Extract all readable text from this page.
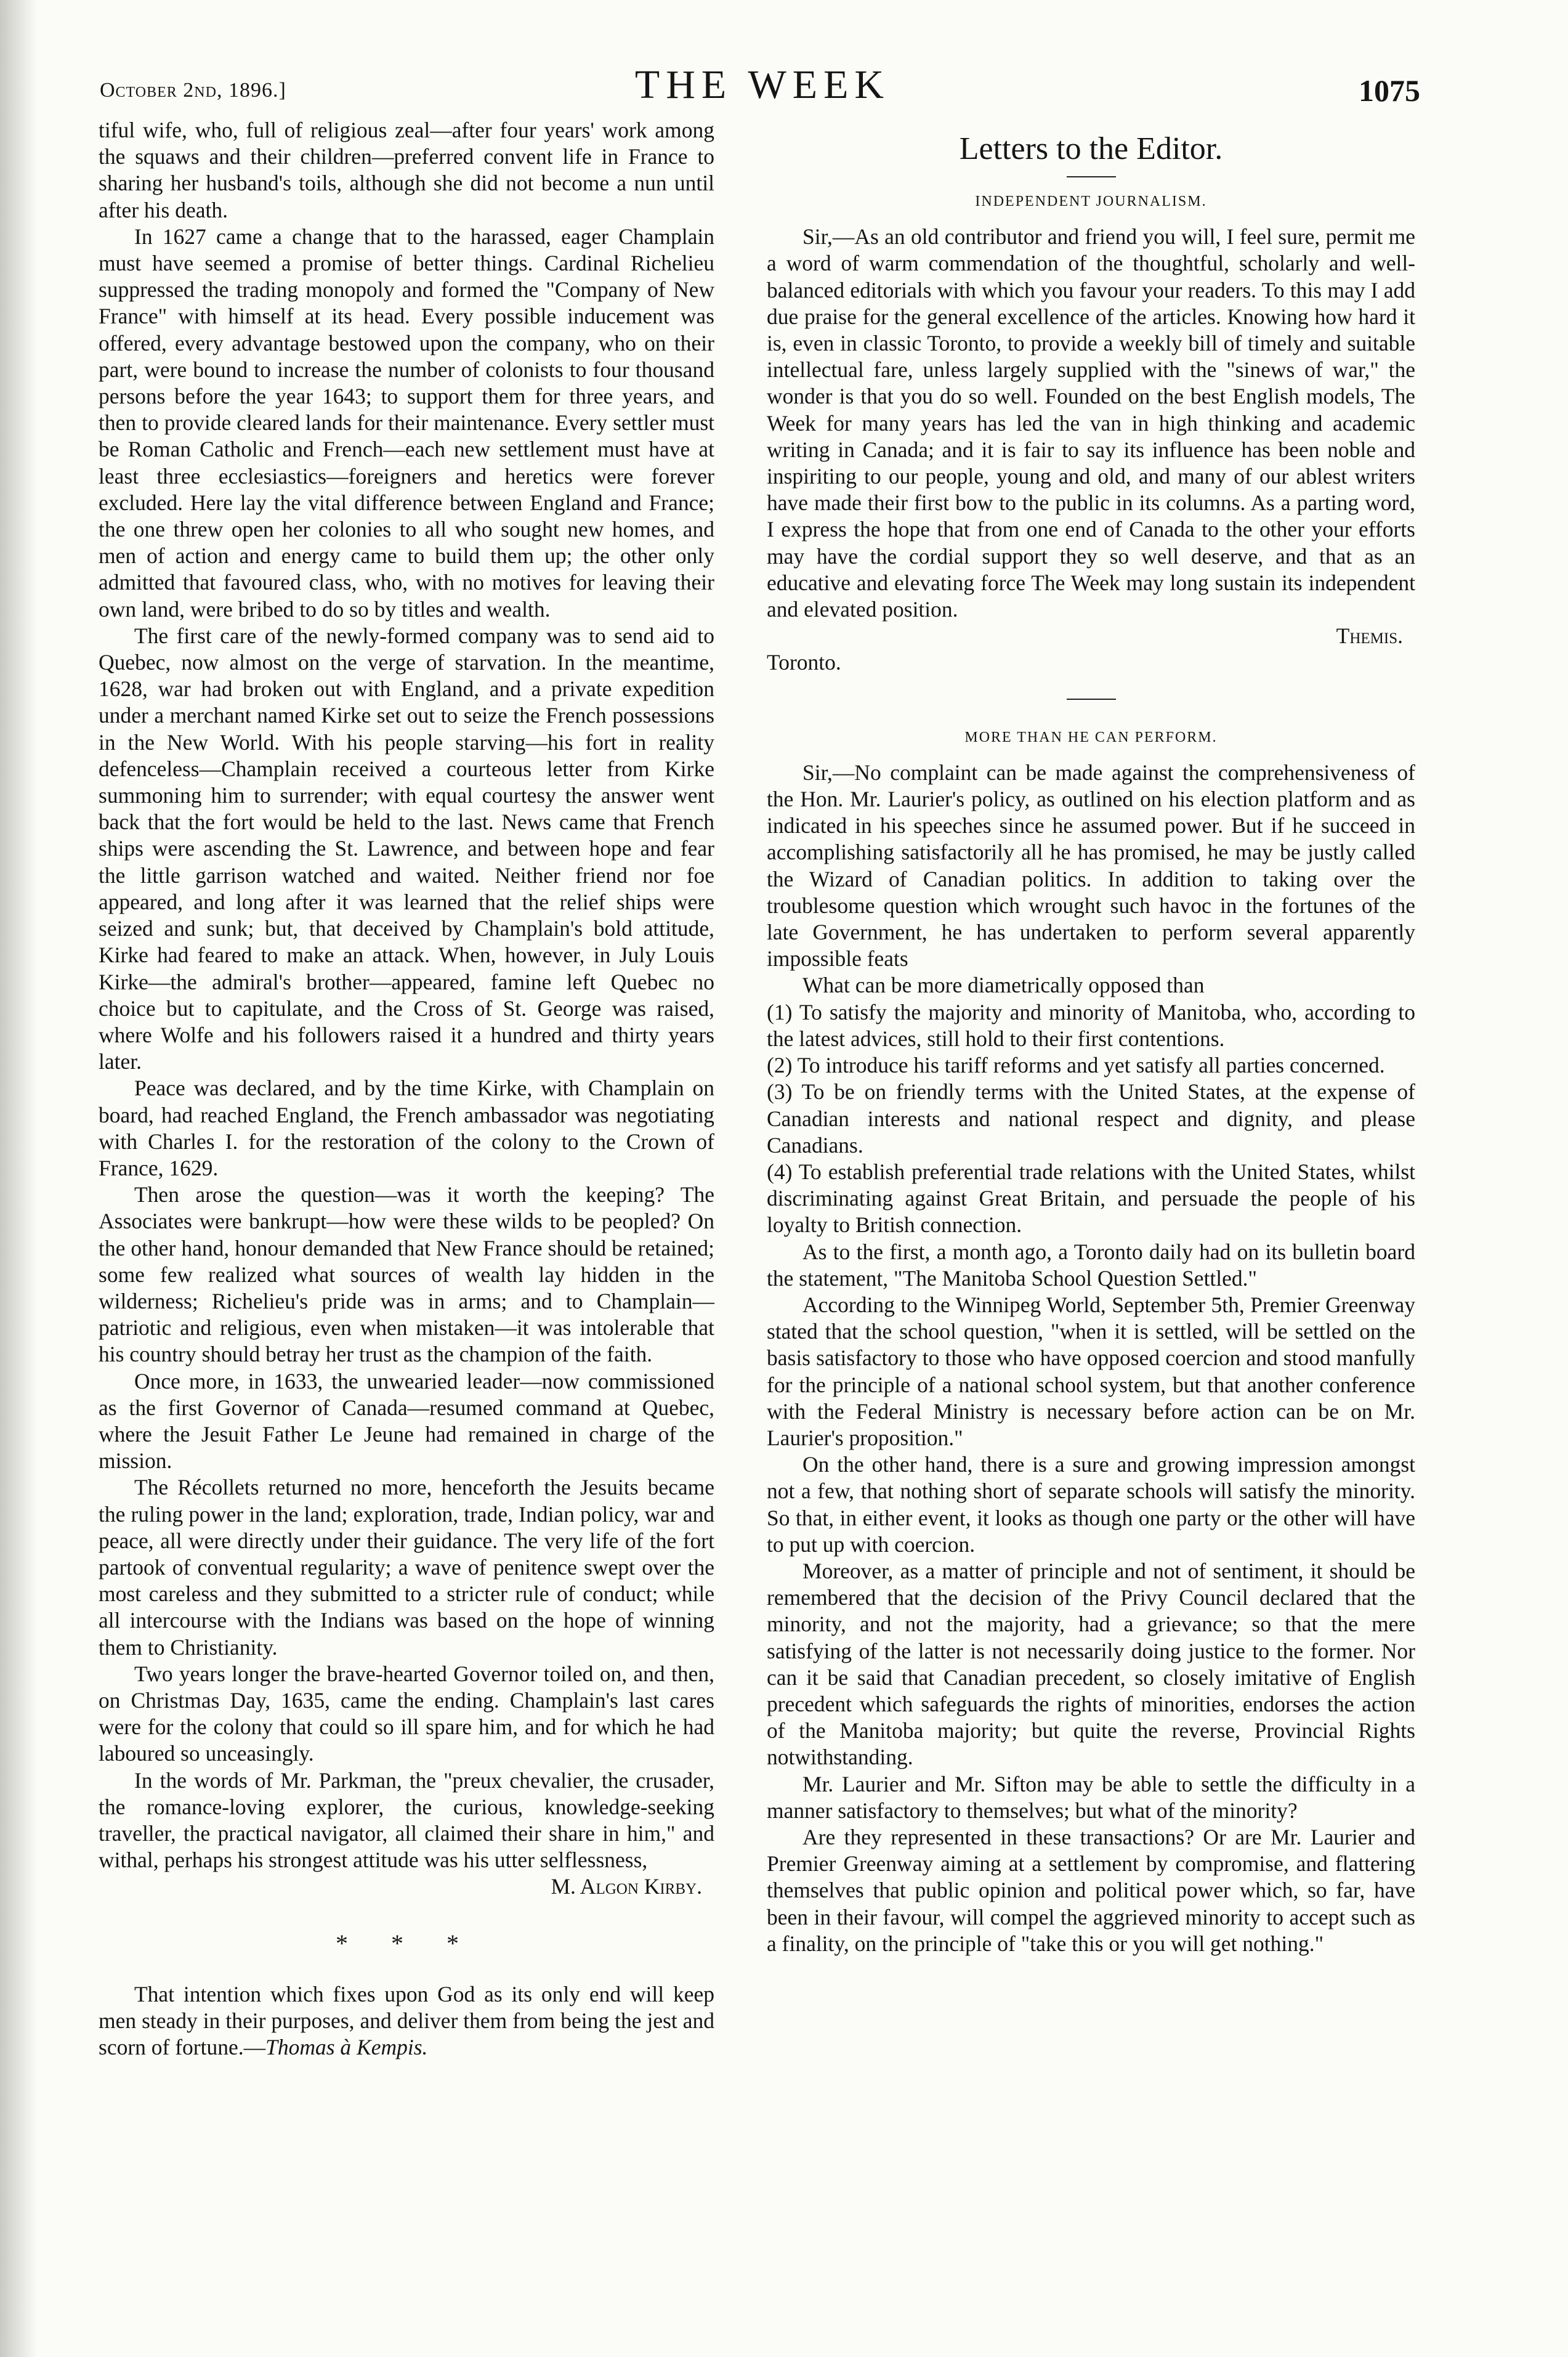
October 2nd, 1896.]	THE WEEK	1075

tiful wife, who, full of religious zeal—after four years' work among the squaws and their children—preferred convent life in France to sharing her husband's toils, although she did not become a nun until after his death.

In 1627 came a change that to the harassed, eager Champlain must have seemed a promise of better things. Cardinal Richelieu suppressed the trading monopoly and formed the "Company of New France" with himself at its head. Every possible inducement was offered, every advantage bestowed upon the company, who on their part, were bound to increase the number of colonists to four thousand persons before the year 1643; to support them for three years, and then to provide cleared lands for their maintenance. Every settler must be Roman Catholic and French—each new settlement must have at least three ecclesiastics—foreigners and heretics were forever excluded. Here lay the vital difference between England and France; the one threw open her colonies to all who sought new homes, and men of action and energy came to build them up; the other only admitted that favoured class, who, with no motives for leaving their own land, were bribed to do so by titles and wealth.

The first care of the newly-formed company was to send aid to Quebec, now almost on the verge of starvation. In the meantime, 1628, war had broken out with England, and a private expedition under a merchant named Kirke set out to seize the French possessions in the New World. With his people starving—his fort in reality defenceless—Champlain received a courteous letter from Kirke summoning him to surrender; with equal courtesy the answer went back that the fort would be held to the last. News came that French ships were ascending the St. Lawrence, and between hope and fear the little garrison watched and waited. Neither friend nor foe appeared, and long after it was learned that the relief ships were seized and sunk; but, that deceived by Champlain's bold attitude, Kirke had feared to make an attack. When, however, in July Louis Kirke—the admiral's brother—appeared, famine left Quebec no choice but to capitulate, and the Cross of St. George was raised, where Wolfe and his followers raised it a hundred and thirty years later.

Peace was declared, and by the time Kirke, with Champlain on board, had reached England, the French ambassador was negotiating with Charles I. for the restoration of the colony to the Crown of France, 1629.

Then arose the question—was it worth the keeping? The Associates were bankrupt—how were these wilds to be peopled? On the other hand, honour demanded that New France should be retained; some few realized what sources of wealth lay hidden in the wilderness; Richelieu's pride was in arms; and to Champlain—patriotic and religious, even when mistaken—it was intolerable that his country should betray her trust as the champion of the faith.

Once more, in 1633, the unwearied leader—now commissioned as the first Governor of Canada—resumed command at Quebec, where the Jesuit Father Le Jeune had remained in charge of the mission.

The Récollets returned no more, henceforth the Jesuits became the ruling power in the land; exploration, trade, Indian policy, war and peace, all were directly under their guidance. The very life of the fort partook of conventual regularity; a wave of penitence swept over the most careless and they submitted to a stricter rule of conduct; while all intercourse with the Indians was based on the hope of winning them to Christianity.

Two years longer the brave-hearted Governor toiled on, and then, on Christmas Day, 1635, came the ending. Champlain's last cares were for the colony that could so ill spare him, and for which he had laboured so unceasingly.

In the words of Mr. Parkman, the "preux chevalier, the crusader, the romance-loving explorer, the curious, knowledge-seeking traveller, the practical navigator, all claimed their share in him," and withal, perhaps his strongest attitude was his utter selflessness,

M. Algon Kirby.

* * *

That intention which fixes upon God as its only end will keep men steady in their purposes, and deliver them from being the jest and scorn of fortune.—Thomas à Kempis.

Letters to the Editor.
INDEPENDENT JOURNALISM.

Sir,—As an old contributor and friend you will, I feel sure, permit me a word of warm commendation of the thoughtful, scholarly and well-balanced editorials with which you favour your readers. To this may I add due praise for the general excellence of the articles. Knowing how hard it is, even in classic Toronto, to provide a weekly bill of timely and suitable intellectual fare, unless largely supplied with the "sinews of war," the wonder is that you do so well. Founded on the best English models, The Week for many years has led the van in high thinking and academic writing in Canada; and it is fair to say its influence has been noble and inspiriting to our people, young and old, and many of our ablest writers have made their first bow to the public in its columns. As a parting word, I express the hope that from one end of Canada to the other your efforts may have the cordial support they so well deserve, and that as an educative and elevating force The Week may long sustain its independent and elevated position.

Themis.

Toronto.

MORE THAN HE CAN PERFORM.

Sir,—No complaint can be made against the comprehensiveness of the Hon. Mr. Laurier's policy, as outlined on his election platform and as indicated in his speeches since he assumed power. But if he succeed in accomplishing satisfactorily all he has promised, he may be justly called the Wizard of Canadian politics. In addition to taking over the troublesome question which wrought such havoc in the fortunes of the late Government, he has undertaken to perform several apparently impossible feats

What can be more diametrically opposed than

(1) To satisfy the majority and minority of Manitoba, who, according to the latest advices, still hold to their first contentions.

(2) To introduce his tariff reforms and yet satisfy all parties concerned.

(3) To be on friendly terms with the United States, at the expense of Canadian interests and national respect and dignity, and please Canadians.

(4) To establish preferential trade relations with the United States, whilst discriminating against Great Britain, and persuade the people of his loyalty to British connection.

As to the first, a month ago, a Toronto daily had on its bulletin board the statement, "The Manitoba School Question Settled."

According to the Winnipeg World, September 5th, Premier Greenway stated that the school question, "when it is settled, will be settled on the basis satisfactory to those who have opposed coercion and stood manfully for the principle of a national school system, but that another conference with the Federal Ministry is necessary before action can be on Mr. Laurier's proposition."

On the other hand, there is a sure and growing impression amongst not a few, that nothing short of separate schools will satisfy the minority. So that, in either event, it looks as though one party or the other will have to put up with coercion.

Moreover, as a matter of principle and not of sentiment, it should be remembered that the decision of the Privy Council declared that the minority, and not the majority, had a grievance; so that the mere satisfying of the latter is not necessarily doing justice to the former. Nor can it be said that Canadian precedent, so closely imitative of English precedent which safeguards the rights of minorities, endorses the action of the Manitoba majority; but quite the reverse, Provincial Rights notwithstanding.

Mr. Laurier and Mr. Sifton may be able to settle the difficulty in a manner satisfactory to themselves; but what of the minority?

Are they represented in these transactions? Or are Mr. Laurier and Premier Greenway aiming at a settlement by compromise, and flattering themselves that public opinion and political power which, so far, have been in their favour, will compel the aggrieved minority to accept such as a finality, on the principle of "take this or you will get nothing."
